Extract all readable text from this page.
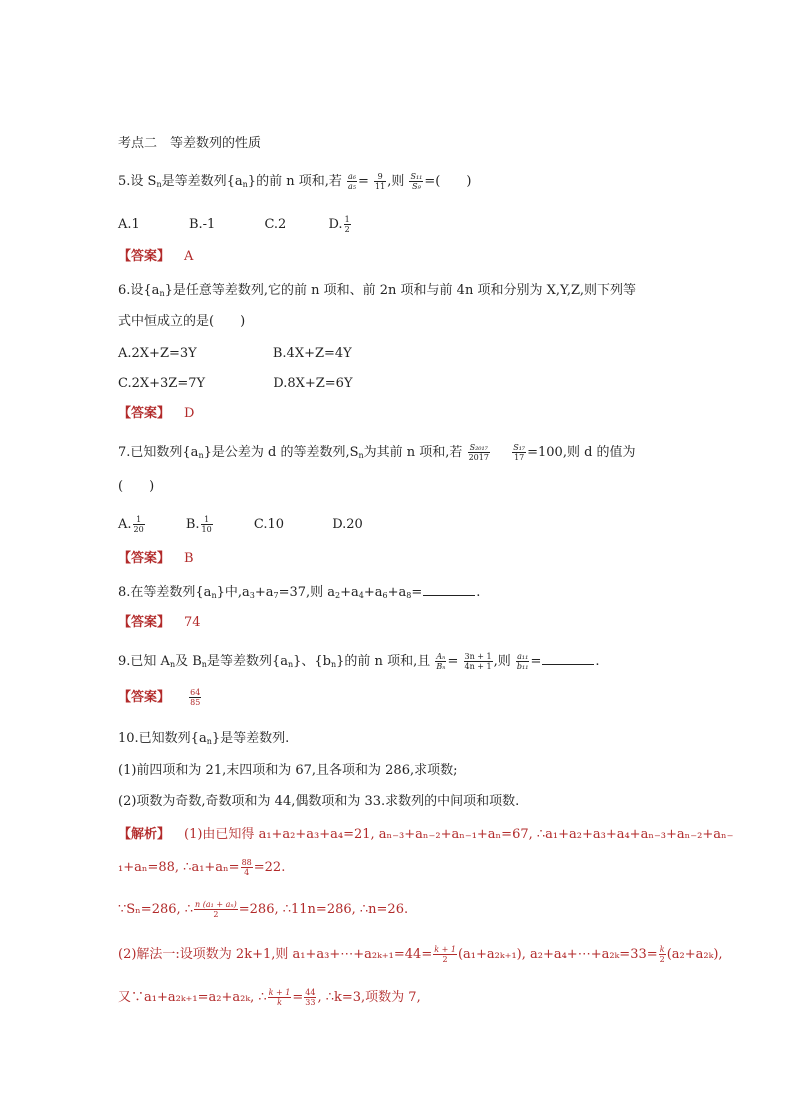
考点二　等差数列的性质
5.设 $S_n$是等差数列$\{a_n\}$的前 n 项和,若 $\frac{\text{a₆}}{\text{a₅}} = \frac{9}{11}$ ,则 $\frac{\text{S₁₁}}{\text{S₉}}$ =(　　)
A.1	B.-1	C.2	D. $\frac{1}{2}$
【答案】 A
6.设$\{a_n\}$是任意等差数列,它的前 n 项和、前 2n 项和与前 4n 项和分别为 X,Y,Z,则下列等
式中恒成立的是(　　)
A.2X+Z=3Y	B.4X+Z=4Y
C.2X+3Z=7Y	D.8X+Z=6Y
【答案】 D
7.已知数列$\{a_n\}$是公差为 d 的等差数列$,S_n$为其前 n 项和,若 $\frac{\text{S₂₀₁₇}}{2017}$
	$\frac{\text{S₁₇}}{17} =100$,则 d 的值为
(　　)
A. $\frac{1}{20}$	B. $\frac{1}{10}$	C.10	D.20
【答案】 B
8.在等差数列$\{a_n\}$中$,a_3+a_7=37$,则 $a_2+a_4+a_6+a_8=$	.
【答案】 74
9.已知 $A_n$及 $B_n$是等差数列$\{a_n\}$、$\{b_n\}$的前 n 项和,且 $\frac{\text{Aₙ}}{\text{Bₙ}} = \frac{3n + 1}{4n + 1}$ ,则 $\frac{\text{a₁₁}}{\text{b₁₁}}$ =	.
【答案】 $\frac{64}{85}$
10.已知数列$\{a_n\}$是等差数列.
(1)前四项和为 21,末四项和为 67,且各项和为 286,求项数;
(2)项数为奇数,奇数项和为 44,偶数项和为 33.求数列的中间项和项数.
【解析】 (1)由已知得 a₁+a₂+a₃+a₄=21, aₙ₋₃+aₙ₋₂+aₙ₋₁+aₙ=67, ∴a₁+a₂+a₃+a₄+aₙ₋₃+aₙ₋₂+aₙ₋
₁+aₙ=88, ∴a₁+aₙ= $\frac{88}{4} =22$.
∵Sₙ=286, ∴ $\frac{\text{n (a₁ + aₙ)}}{2} =286$, ∴11n=286, ∴n=26.
(2)解法一:设项数为 2k+1,则 a₁+a₃+⋯+a₂ₖ₊₁=44= $\frac{k + 1}{2} (a_1+a_{2k+1})$, a₂+a₄+⋯+a₂ₖ=33= $\frac{k}{2} (a_2+a_{2k})$,
又∵a₁+a₂ₖ₊₁=a₂+a₂ₖ, ∴ $\frac{k + 1}{k} = \frac{44}{33}$ , ∴k=3,项数为 7,
